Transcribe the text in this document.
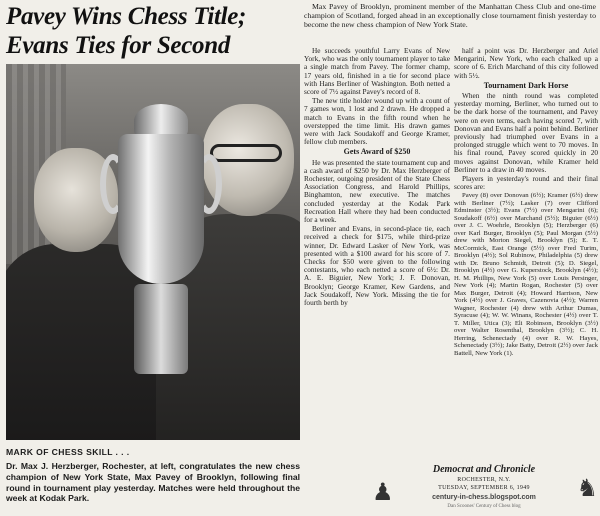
Pavey Wins Chess Title;
Evans Ties for Second
MARK OF CHESS SKILL . . .
Dr. Max J. Herzberger, Rochester, at left, congratulates the new chess champion of New York State, Max Pavey of Brooklyn, following final round in tournament play yesterday. Matches were held throughout the week at Kodak Park.

Max Pavey of Brooklyn, prominent member of the Manhattan Chess Club and one-time champion of Scotland, forged ahead in an exceptionally close tournament finish yesterday to become the new chess champion of New York State.

He succeeds youthful Larry Evans of New York, who was the only tournament player to take a single match from Pavey. The former champ, 17 years old, finished in a tie for second place with Hans Berliner of Washington. Both netted a score of 7½ against Pavey's record of 8.

The new title holder wound up with a count of 7 games won, 1 lost and 2 drawn. He dropped a match to Evans in the fifth round when he overstepped the time limit. His drawn games were with Jack Soudakoff and George Kramer, fellow club members.

Gets Award of $250

He was presented the state tournament cup and a cash award of $250 by Dr. Max Herzberger of Rochester, outgoing president of the State Chess Association Congress, and Harold Phillips, Binghamton, new executive. The matches concluded yesterday at the Kodak Park Recreation Hall where they had been conducted for a week.

Berliner and Evans, in second-place tie, each received a check for $175, while third-prize winner, Dr. Edward Lasker of New York, was presented with a $100 award for his score of 7. Checks for $50 were given to the following contestants, who each netted a score of 6½: Dr. A. E. Biguier, New York; J. F. Donovan, Brooklyn; George Kramer, Kew Gardens, and Jack Soudakoff, New York. Missing the tie for fourth berth by

half a point was Dr. Herzberger and Ariel Mengarini, New York, who each chalked up a score of 6. Erich Marchand of this city followed with 5½.

Tournament Dark Horse

When the ninth round was completed yesterday morning, Berliner, who turned out to be the dark horse of the tournament, and Pavey were on even terms, each having scored 7, with Donovan and Evans half a point behind. Berliner previously had triumphed over Evans in a prolonged struggle which went to 70 moves. In his final round, Pavey scored quickly in 20 moves against Donovan, while Kramer held Berliner to a draw in 40 moves.

Players in yesterday's round and their final scores are:

Pavey (8) over Donovan (6½); Kramer (6½) drew with Berliner (7½); Lasker (7) over Clifford Edminster (3½); Evans (7½) over Mengarini (6); Soudakoff (6½) over Marchand (5½); Biguier (6½) over J. C. Woehrle, Brooklyn (5); Herzberger (6) over Karl Burger, Brooklyn (5); Paul Morgan (5½) drew with Morton Siegel, Brooklyn (5); E. T. McCormick, East Orange (5½) over Fred Turim, Brooklyn (4½); Sol Rubinow, Philadelphia (5) drew with Dr. Bruno Schmidt, Detroit (5); D. Siegel, Brooklyn (4½) over G. Kuperstock, Brooklyn (4½); H. M. Phillips, New York (5) over Louis Persinger, New York (4); Martin Rogan, Rochester (5) over Max Burger, Detroit (4); Howard Harrison, New York (4½) over J. Graves, Cazenovia (4½); Warren Wagner, Rochester (4) drew with Arthur Dumas, Syracuse (4); W. W. Winans, Rochester (4½) over T. T. Miller, Utica (3); Eli Robinson, Brooklyn (3½) over Walter Rosenthal, Brooklyn (3½); C. H. Herring, Schenectady (4) over R. W. Hayes, Schenectady (3½); Jake Batty, Detroit (2½) over Jack Battell, New York (1).

♟
Democrat and Chronicle
ROCHESTER, N.Y.
TUESDAY, SEPTEMBER 6, 1949
century-in-chess.blogspot.com
Dan Scoones' Century of Chess blog
♞
